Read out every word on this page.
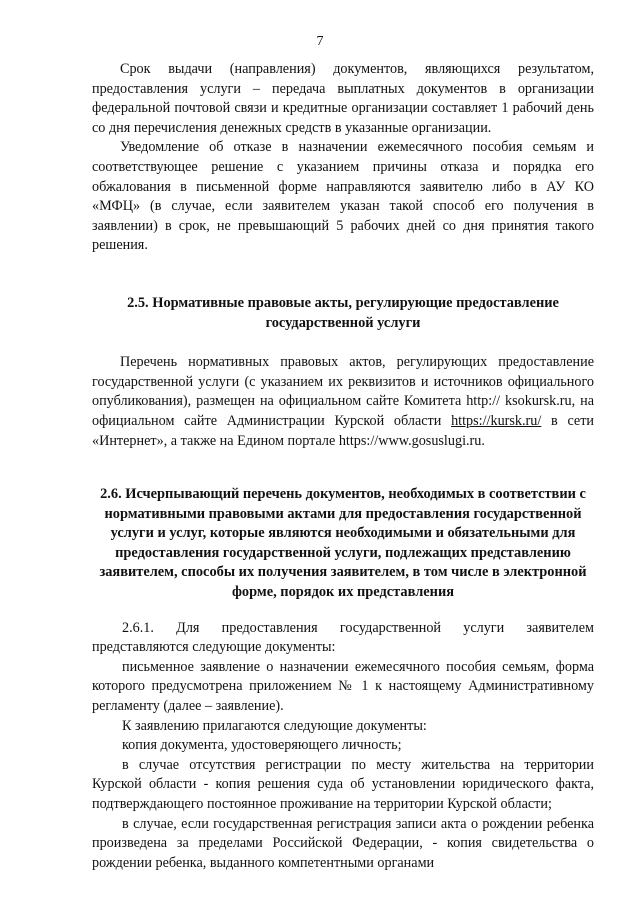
7

Срок выдачи (направления) документов, являющихся результатом, предоставления услуги – передача выплатных документов в организации федеральной почтовой связи и кредитные организации составляет 1 рабочий день со дня перечисления денежных средств в указанные организации.

Уведомление об отказе в назначении ежемесячного пособия семьям и соответствующее решение с указанием причины отказа и порядка его обжалования в письменной форме направляются заявителю либо в АУ КО «МФЦ» (в случае, если заявителем указан такой способ его получения в заявлении) в срок, не превышающий 5 рабочих дней со дня принятия такого решения.

2.5. Нормативные правовые акты, регулирующие предоставление государственной услуги

Перечень нормативных правовых актов, регулирующих предоставление государственной услуги (с указанием их реквизитов и источников официального опубликования), размещен на официальном сайте Комитета http:// ksokursk.ru, на официальном сайте Администрации Курской области https://kursk.ru/ в сети «Интернет», а также на Едином портале https://www.gosuslugi.ru.

2.6. Исчерпывающий перечень документов, необходимых в соответствии с нормативными правовыми актами для предоставления государственной услуги и услуг, которые являются необходимыми и обязательными для предоставления государственной услуги, подлежащих представлению заявителем, способы их получения заявителем, в том числе в электронной форме, порядок их представления

2.6.1. Для предоставления государственной услуги заявителем представляются следующие документы:

письменное заявление о назначении ежемесячного пособия семьям, форма которого предусмотрена приложением № 1 к настоящему Административному регламенту (далее – заявление).

К заявлению прилагаются следующие документы:

копия документа, удостоверяющего личность;

в случае отсутствия регистрации по месту жительства на территории Курской области - копия решения суда об установлении юридического факта, подтверждающего постоянное проживание на территории Курской области;

в случае, если государственная регистрация записи акта о рождении ребенка произведена за пределами Российской Федерации, - копия свидетельства о рождении ребенка, выданного компетентными органами
